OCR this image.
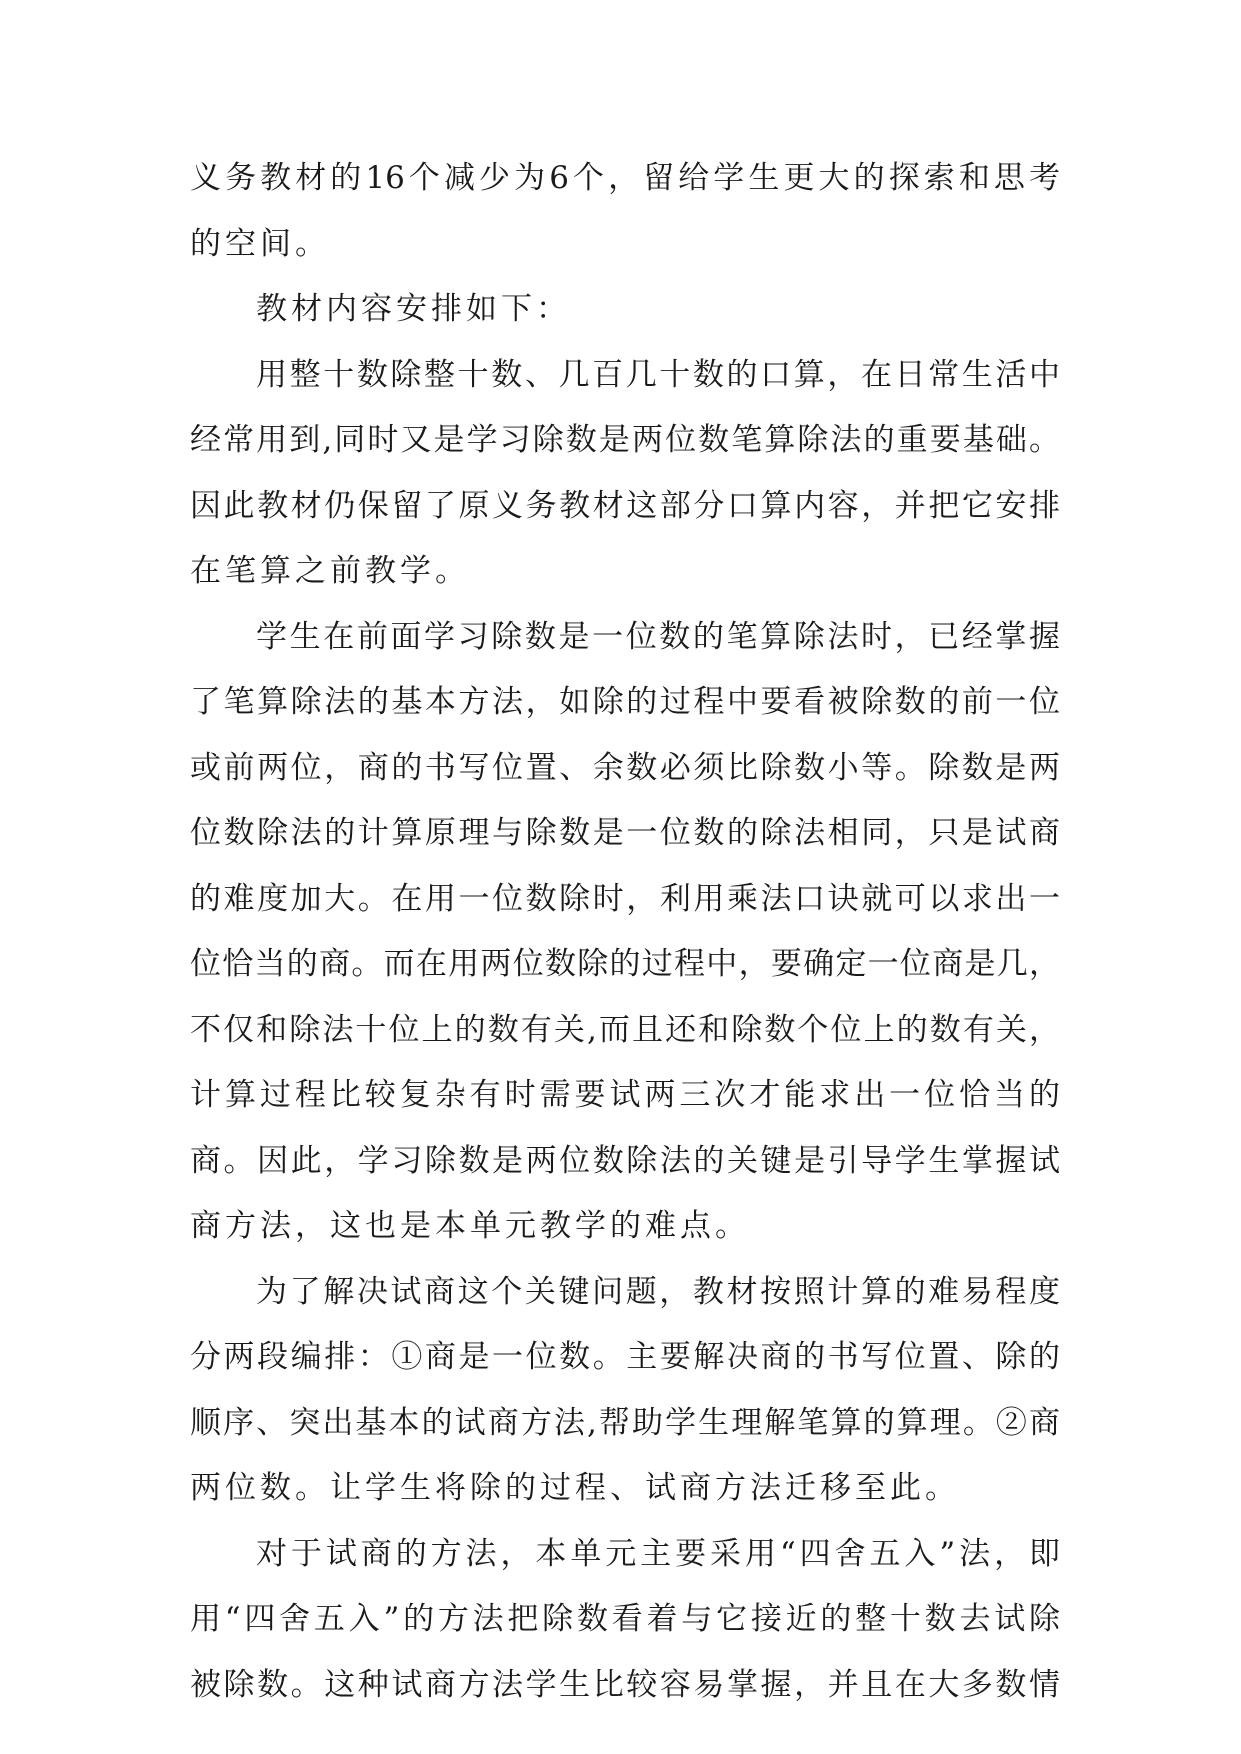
义务教材的16个减少为6个，留给学生更大的探索和思考
的空间。
教材内容安排如下：
用整十数除整十数、几百几十数的口算，在日常生活中
经常用到,同时又是学习除数是两位数笔算除法的重要基础。
因此教材仍保留了原义务教材这部分口算内容，并把它安排
在笔算之前教学。
学生在前面学习除数是一位数的笔算除法时，已经掌握
了笔算除法的基本方法，如除的过程中要看被除数的前一位
或前两位，商的书写位置、余数必须比除数小等。除数是两
位数除法的计算原理与除数是一位数的除法相同，只是试商
的难度加大。在用一位数除时，利用乘法口诀就可以求出一
位恰当的商。而在用两位数除的过程中，要确定一位商是几，
不仅和除法十位上的数有关,而且还和除数个位上的数有关，
计算过程比较复杂有时需要试两三次才能求出一位恰当的
商。因此，学习除数是两位数除法的关键是引导学生掌握试
商方法，这也是本单元教学的难点。
为了解决试商这个关键问题，教材按照计算的难易程度
分两段编排：①商是一位数。主要解决商的书写位置、除的
顺序、突出基本的试商方法,帮助学生理解笔算的算理。②商
两位数。让学生将除的过程、试商方法迁移至此。
对于试商的方法，本单元主要采用“四舍五入”法，即
用“四舍五入”的方法把除数看着与它接近的整十数去试除
被除数。这种试商方法学生比较容易掌握，并且在大多数情
